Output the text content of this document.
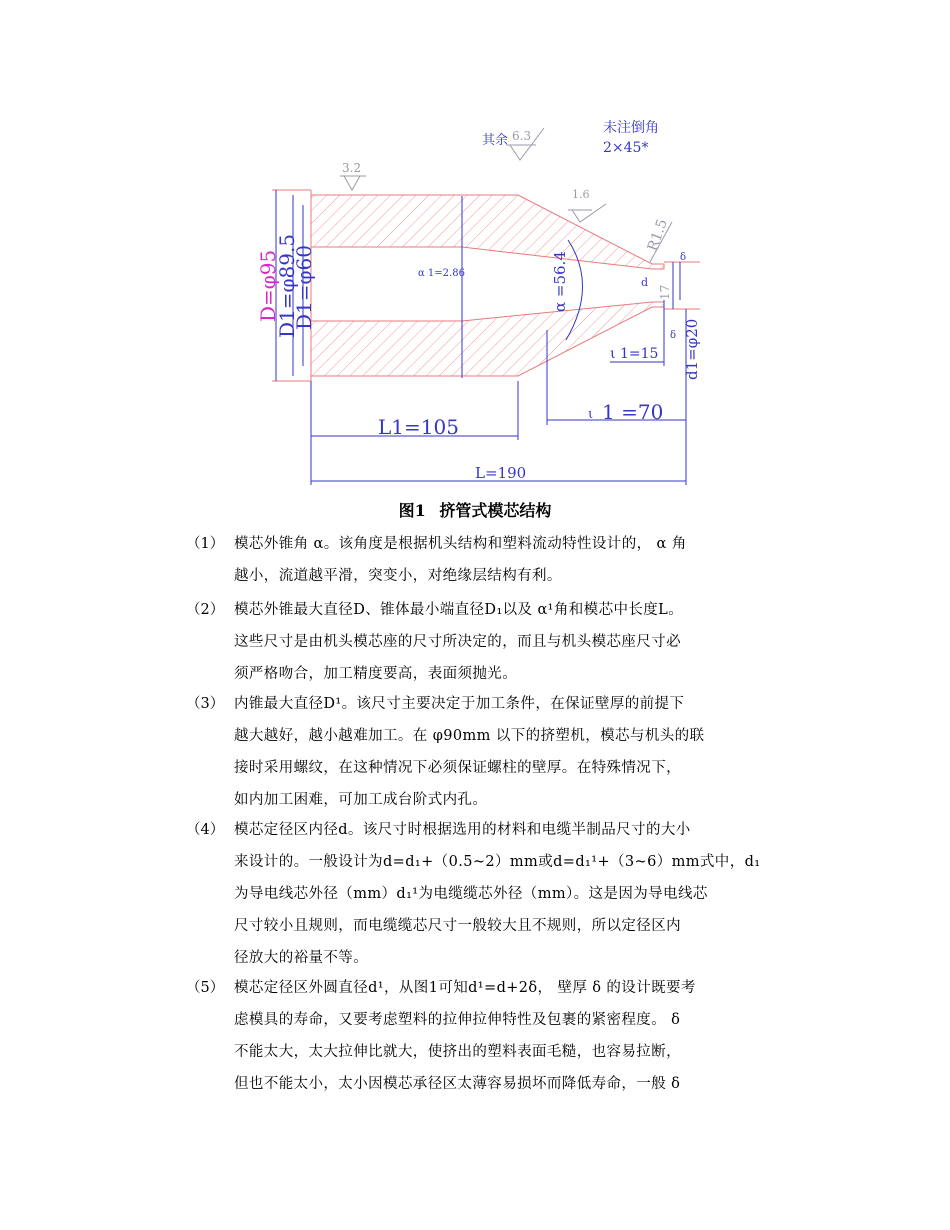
3.2
1.6
6.3
R1.5
17
其余
未注倒角
2×45*
δ
δ
d
α 1=2.86	α =56.4
D=φ95
D1=φ89.5
D1=φ60
ι 1=15 d1=φ20
ι 1 =70
L1=105
L=190
图1 挤管式模芯结构
（1） 模芯外锥角 α。该角度是根据机头结构和塑料流动特性设计的， α 角
越小，流道越平滑，突变小，对绝缘层结构有利。
（2） 模芯外锥最大直径D、锥体最小端直径D₁以及 α¹角和模芯中长度L。
这些尺寸是由机头模芯座的尺寸所决定的，而且与机头模芯座尺寸必
须严格吻合，加工精度要高，表面须抛光。
（3） 内锥最大直径D¹。该尺寸主要决定于加工条件，在保证壁厚的前提下
越大越好，越小越难加工。在 φ90mm 以下的挤塑机，模芯与机头的联
接时采用螺纹，在这种情况下必须保证螺柱的壁厚。在特殊情况下，
如内加工困难，可加工成台阶式内孔。
（4） 模芯定径区内径d。该尺寸时根据选用的材料和电缆半制品尺寸的大小
来设计的。一般设计为d=d₁+（0.5~2）mm或d=d₁¹+（3~6）mm式中，d₁
为导电线芯外径（mm）d₁¹为电缆缆芯外径（mm）。这是因为导电线芯
尺寸较小且规则，而电缆缆芯尺寸一般较大且不规则，所以定径区内
径放大的裕量不等。
（5） 模芯定径区外圆直径d¹，从图1可知d¹=d+2δ， 壁厚 δ 的设计既要考
虑模具的寿命，又要考虑塑料的拉伸拉伸特性及包裹的紧密程度。 δ
不能太大，太大拉伸比就大，使挤出的塑料表面毛糙，也容易拉断，
但也不能太小，太小因模芯承径区太薄容易损坏而降低寿命，一般 δ
